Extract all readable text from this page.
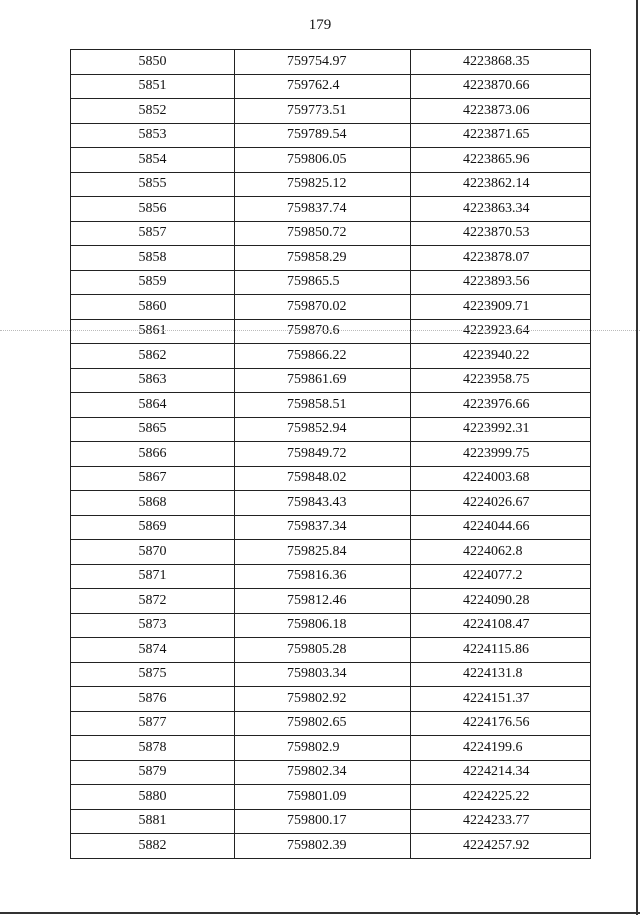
179
5850	759754.97	4223868.35
5851	759762.4	4223870.66
5852	759773.51	4223873.06
5853	759789.54	4223871.65
5854	759806.05	4223865.96
5855	759825.12	4223862.14
5856	759837.74	4223863.34
5857	759850.72	4223870.53
5858	759858.29	4223878.07
5859	759865.5	4223893.56
5860	759870.02	4223909.71
5861	759870.6	4223923.64
5862	759866.22	4223940.22
5863	759861.69	4223958.75
5864	759858.51	4223976.66
5865	759852.94	4223992.31
5866	759849.72	4223999.75
5867	759848.02	4224003.68
5868	759843.43	4224026.67
5869	759837.34	4224044.66
5870	759825.84	4224062.8
5871	759816.36	4224077.2
5872	759812.46	4224090.28
5873	759806.18	4224108.47
5874	759805.28	4224115.86
5875	759803.34	4224131.8
5876	759802.92	4224151.37
5877	759802.65	4224176.56
5878	759802.9	4224199.6
5879	759802.34	4224214.34
5880	759801.09	4224225.22
5881	759800.17	4224233.77
5882	759802.39	4224257.92
